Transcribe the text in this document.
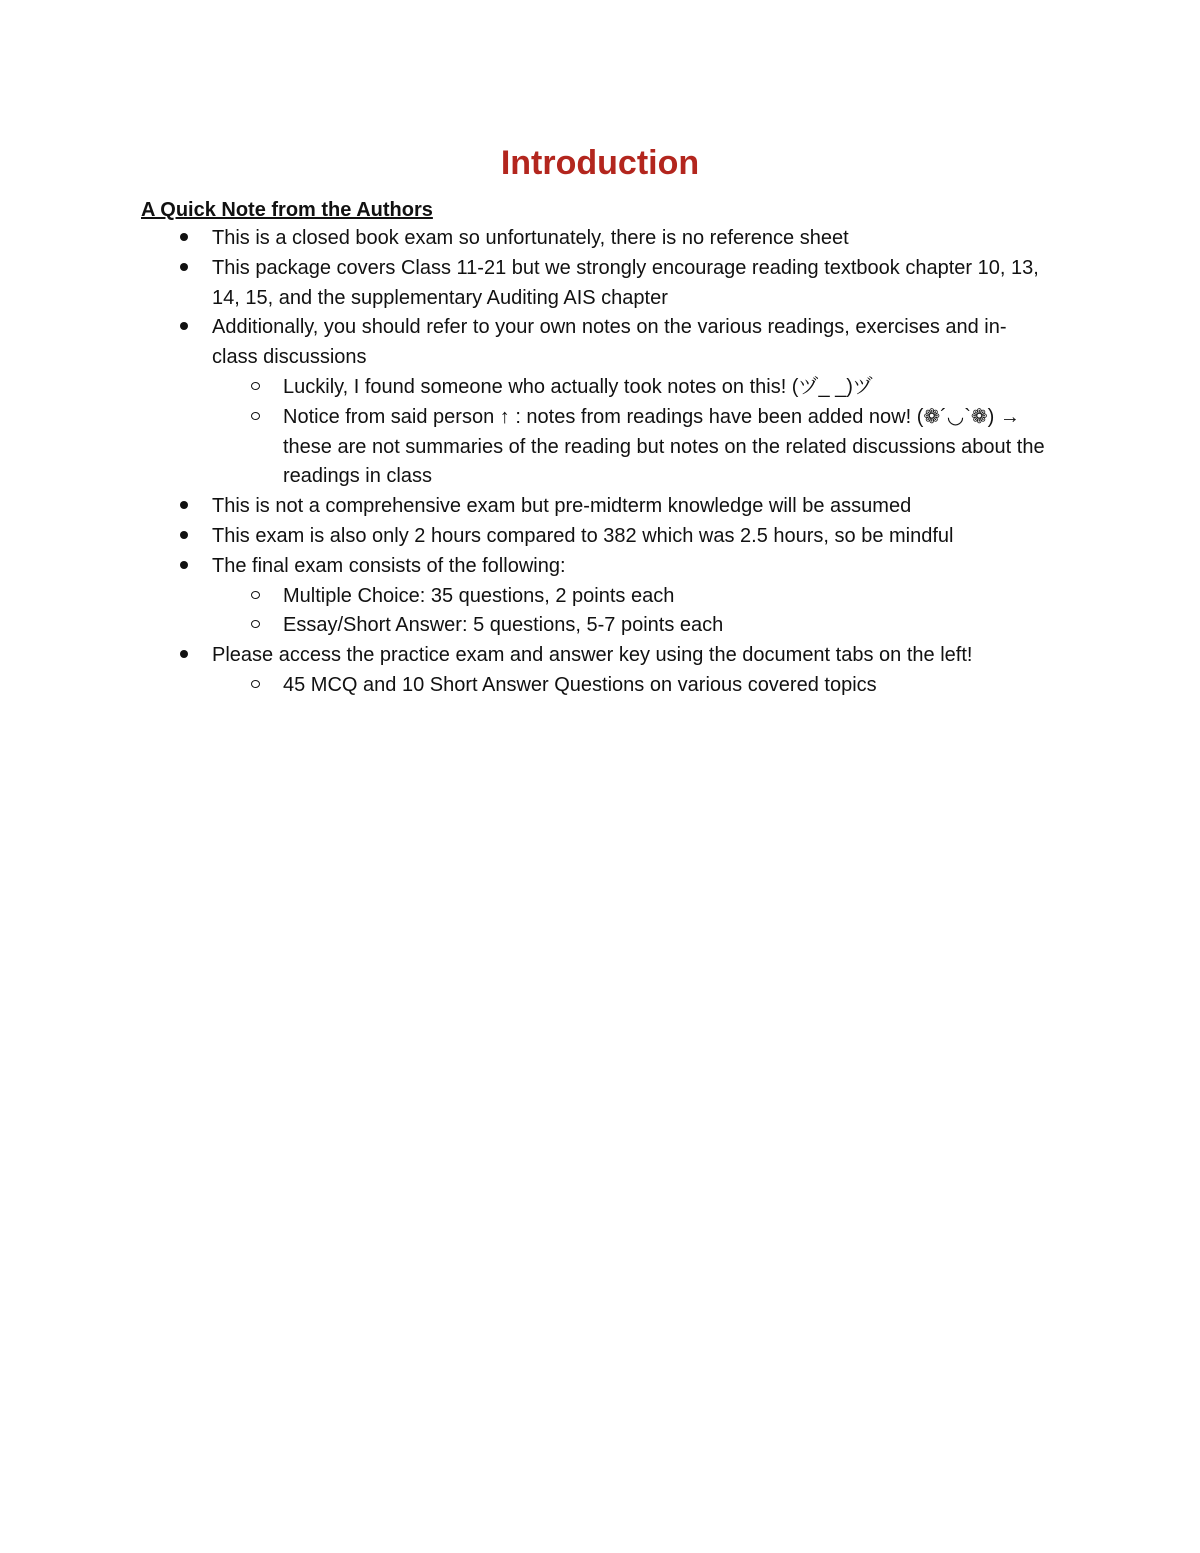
Introduction
A Quick Note from the Authors
This is a closed book exam so unfortunately, there is no reference sheet
This package covers Class 11-21 but we strongly encourage reading textbook chapter 10, 13, 14, 15, and the supplementary Auditing AIS chapter
Additionally, you should refer to your own notes on the various readings, exercises and in-class discussions
Luckily, I found someone who actually took notes on this! (ヅ_ _)ヅ
Notice from said person ↑ : notes from readings have been added now! (❁´◡`❁) → these are not summaries of the reading but notes on the related discussions about the readings in class
This is not a comprehensive exam but pre-midterm knowledge will be assumed
This exam is also only 2 hours compared to 382 which was 2.5 hours, so be mindful
The final exam consists of the following:
Multiple Choice: 35 questions, 2 points each
Essay/Short Answer: 5 questions, 5-7 points each
Please access the practice exam and answer key using the document tabs on the left!
45 MCQ and 10 Short Answer Questions on various covered topics
